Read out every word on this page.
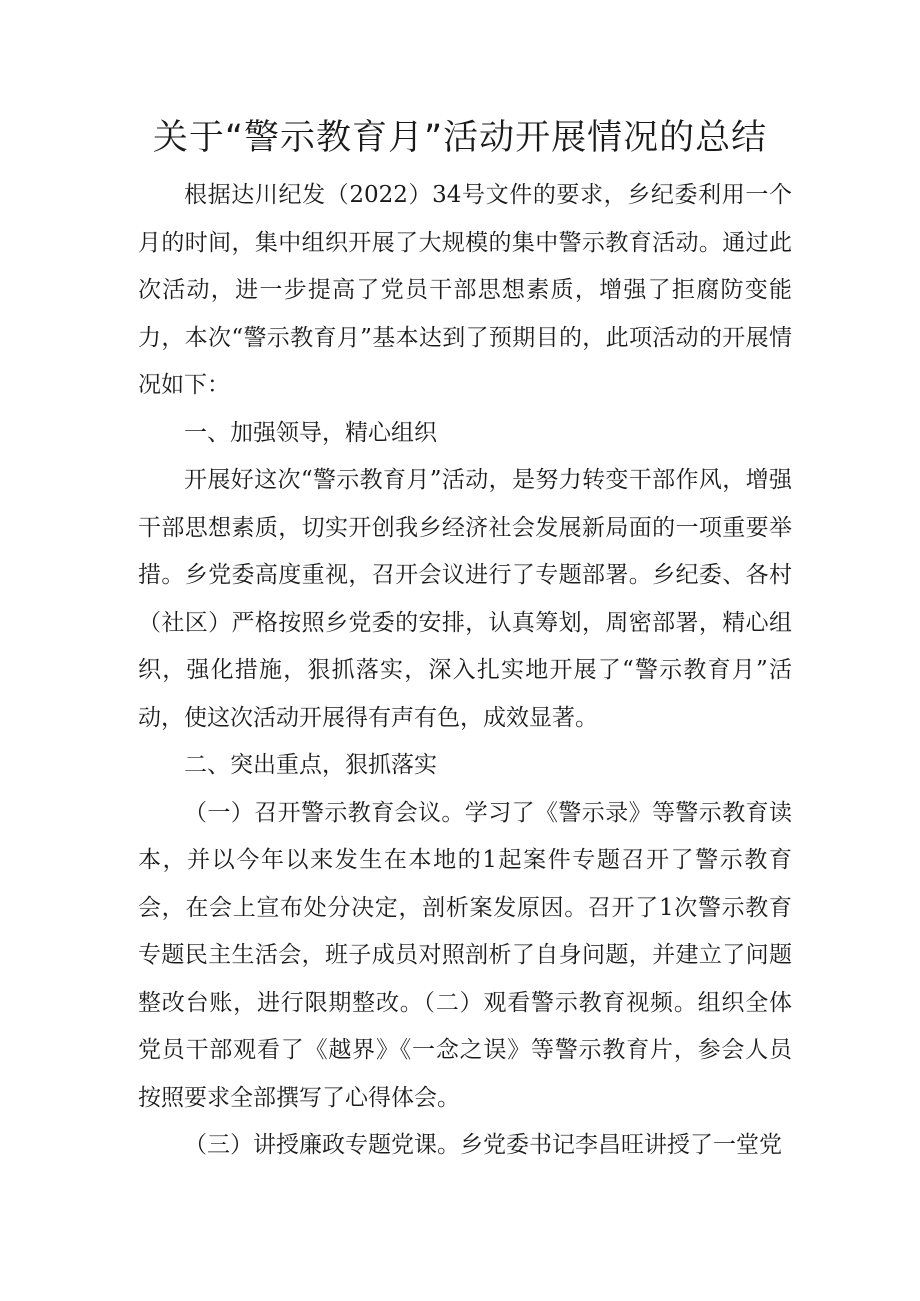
关于“警示教育月”活动开展情况的总结

根据达川纪发（2022）34号文件的要求，乡纪委利用一个月的时间，集中组织开展了大规模的集中警示教育活动。通过此次活动，进一步提高了党员干部思想素质，增强了拒腐防变能力，本次“警示教育月”基本达到了预期目的，此项活动的开展情况如下：

一、加强领导，精心组织

开展好这次“警示教育月”活动，是努力转变干部作风，增强干部思想素质，切实开创我乡经济社会发展新局面的一项重要举措。乡党委高度重视，召开会议进行了专题部署。乡纪委、各村（社区）严格按照乡党委的安排，认真筹划，周密部署，精心组织，强化措施，狠抓落实，深入扎实地开展了“警示教育月”活动，使这次活动开展得有声有色，成效显著。

二、突出重点，狠抓落实

（一）召开警示教育会议。学习了《警示录》等警示教育读本，并以今年以来发生在本地的1起案件专题召开了警示教育会，在会上宣布处分决定，剖析案发原因。召开了1次警示教育专题民主生活会，班子成员对照剖析了自身问题，并建立了问题整改台账，进行限期整改。（二）观看警示教育视频。组织全体党员干部观看了《越界》《一念之误》等警示教育片，参会人员按照要求全部撰写了心得体会。

（三）讲授廉政专题党课。乡党委书记李昌旺讲授了一堂党
